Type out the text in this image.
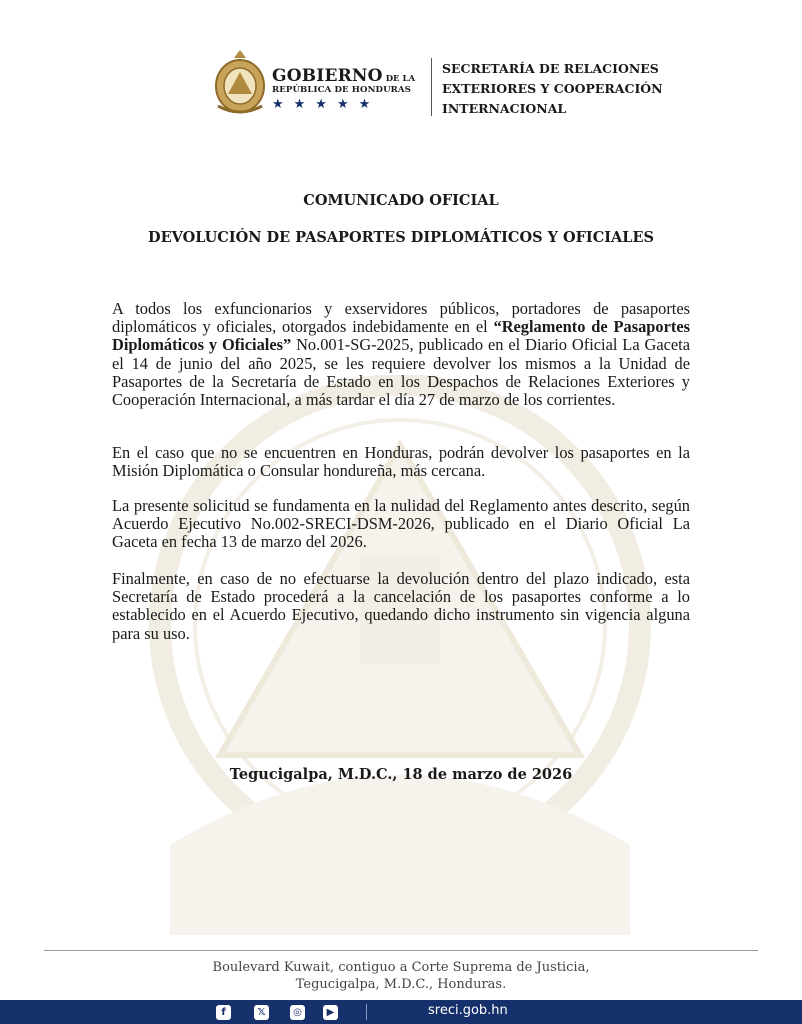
GOBIERNO DE LA
REPÚBLICA DE HONDURAS
★★★★★
SECRETARÍA DE RELACIONES
EXTERIORES Y COOPERACIÓN
INTERNACIONAL
COMUNICADO OFICIAL
DEVOLUCIÓN DE PASAPORTES DIPLOMÁTICOS Y OFICIALES
A todos los exfuncionarios y exservidores públicos, portadores de pasaportes diplomáticos y oficiales, otorgados indebidamente en el “Reglamento de Pasaportes Diplomáticos y Oficiales” No.001-SG-2025, publicado en el Diario Oficial La Gaceta el 14 de junio del año 2025, se les requiere devolver los mismos a la Unidad de Pasaportes de la Secretaría de Estado en los Despachos de Relaciones Exteriores y Cooperación Internacional, a más tardar el día 27 de marzo de los corrientes.
En el caso que no se encuentren en Honduras, podrán devolver los pasaportes en la Misión Diplomática o Consular hondureña, más cercana.
La presente solicitud se fundamenta en la nulidad del Reglamento antes descrito, según Acuerdo Ejecutivo No.002-SRECI-DSM-2026, publicado en el Diario Oficial La Gaceta en fecha 13 de marzo del 2026.
Finalmente, en caso de no efectuarse la devolución dentro del plazo indicado, esta Secretaría de Estado procederá a la cancelación de los pasaportes conforme a lo establecido en el Acuerdo Ejecutivo, quedando dicho instrumento sin vigencia alguna para su uso.
Tegucigalpa, M.D.C., 18 de marzo de 2026
Boulevard Kuwait, contiguo a Corte Suprema de Justicia,
Tegucigalpa, M.D.C., Honduras.
f	𝕏	◎	▶	sreci.gob.hn
